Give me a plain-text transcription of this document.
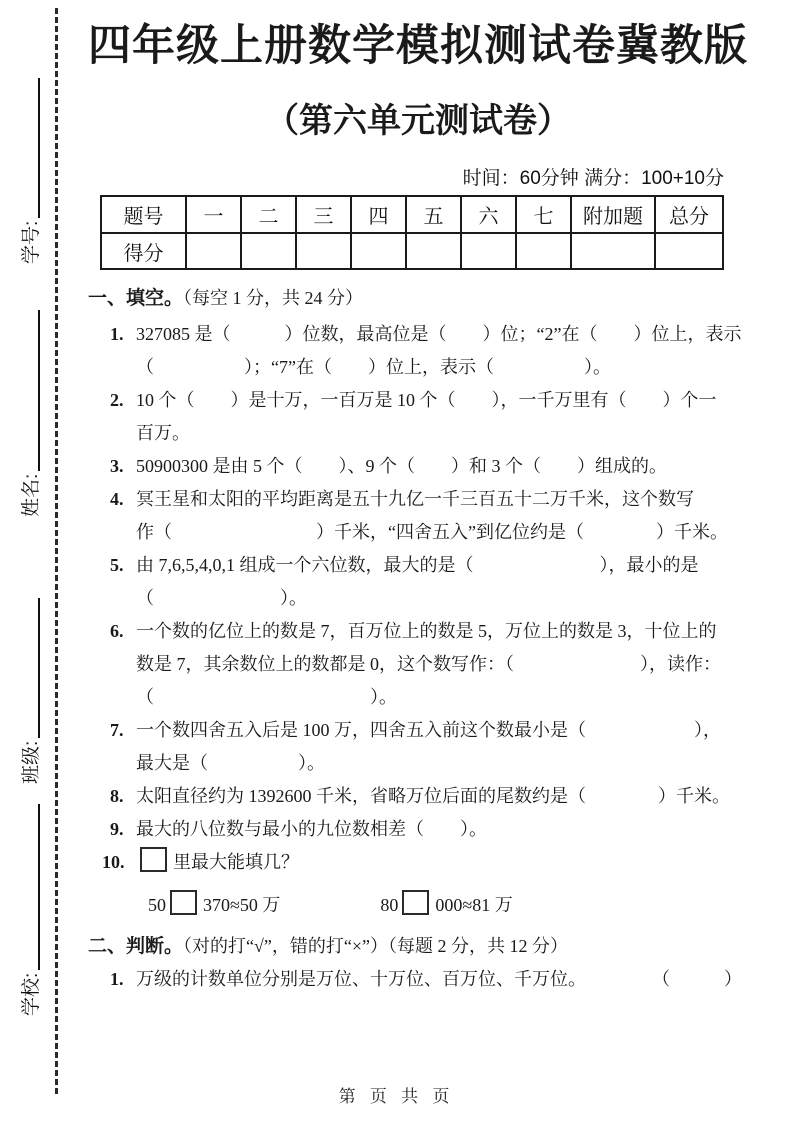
学号:
姓名:
班级:
学校:
四年级上册数学模拟测试卷冀教版
（第六单元测试卷）
时间：60分钟 满分：100+10分
题号	一	二	三	四	五	六	七	附加题	总分
得分									
一、填空。（每空 1 分，共 24 分）
1. 327085 是（　　　）位数，最高位是（　　）位；“2”在（　　）位上，表示
（　　　　　）；“7”在（　　）位上，表示（　　　　　）。
2. 10 个（　　）是十万，一百万是 10 个（　　），一千万里有（　　）个一
百万。
3. 50900300 是由 5 个（　　）、9 个（　　）和 3 个（　　）组成的。
4. 冥王星和太阳的平均距离是五十九亿一千三百五十二万千米，这个数写
作（　　　　　　　　）千米，“四舍五入”到亿位约是（　　　　）千米。
5. 由 7,6,5,4,0,1 组成一个六位数，最大的是（　　　　　　　），最小的是
（　　　　　　　）。
6. 一个数的亿位上的数是 7，百万位上的数是 5，万位上的数是 3，十位上的
数是 7，其余数位上的数都是 0，这个数写作：（　　　　　　　），读作：
（　　　　　　　　　　　　）。
7. 一个数四舍五入后是 100 万，四舍五入前这个数最小是（　　　　　　），
最大是（　　　　　）。
8. 太阳直径约为 1392600 千米，省略万位后面的尾数约是（　　　　）千米。
9. 最大的八位数与最小的九位数相差（　　）。
10.	里最大能填几？
50 370≈50 万	80 000≈81 万
二、判断。（对的打“√”，错的打“×”）（每题 2 分，共 12 分）
1. 万级的计数单位分别是万位、十万位、百万位、千万位。	（　　　）
第 页 共 页
